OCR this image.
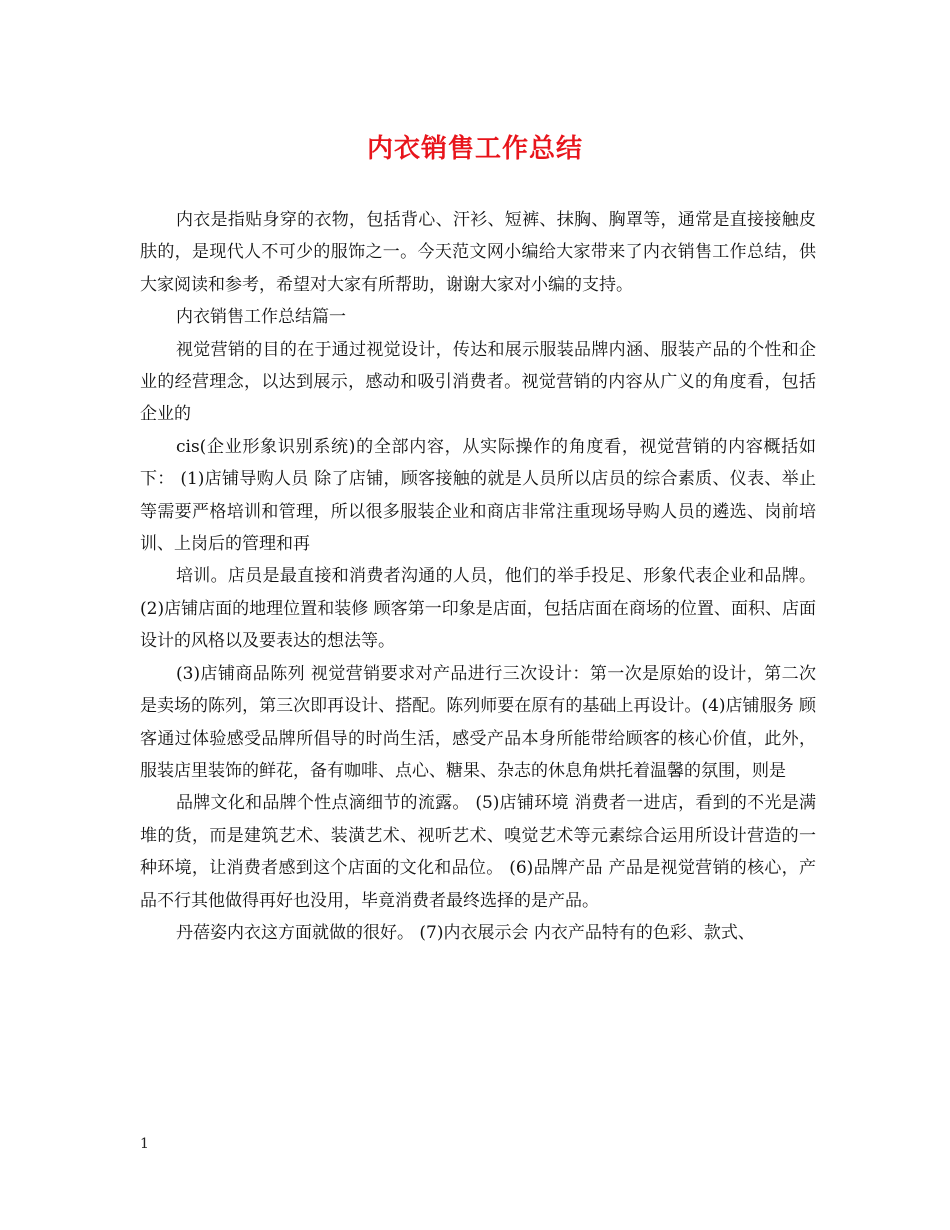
内衣销售工作总结

内衣是指贴身穿的衣物，包括背心、汗衫、短裤、抹胸、胸罩等，通常是直接接触皮肤的，是现代人不可少的服饰之一。今天范文网小编给大家带来了内衣销售工作总结，供大家阅读和参考，希望对大家有所帮助，谢谢大家对小编的支持。

内衣销售工作总结篇一

视觉营销的目的在于通过视觉设计，传达和展示服装品牌内涵、服装产品的个性和企业的经营理念，以达到展示，感动和吸引消费者。视觉营销的内容从广义的角度看，包括企业的

cis(企业形象识别系统)的全部内容，从实际操作的角度看，视觉营销的内容概括如下： (1)店铺导购人员 除了店铺，顾客接触的就是人员所以店员的综合素质、仪表、举止等需要严格培训和管理，所以很多服装企业和商店非常注重现场导购人员的遴选、岗前培训、上岗后的管理和再

培训。店员是最直接和消费者沟通的人员，他们的举手投足、形象代表企业和品牌。 (2)店铺店面的地理位置和装修 顾客第一印象是店面，包括店面在商场的位置、面积、店面设计的风格以及要表达的想法等。

(3)店铺商品陈列 视觉营销要求对产品进行三次设计：第一次是原始的设计，第二次是卖场的陈列，第三次即再设计、搭配。陈列师要在原有的基础上再设计。(4)店铺服务 顾客通过体验感受品牌所倡导的时尚生活，感受产品本身所能带给顾客的核心价值，此外，服装店里装饰的鲜花，备有咖啡、点心、糖果、杂志的休息角烘托着温馨的氛围，则是

品牌文化和品牌个性点滴细节的流露。 (5)店铺环境 消费者一进店，看到的不光是满堆的货，而是建筑艺术、装潢艺术、视听艺术、嗅觉艺术等元素综合运用所设计营造的一种环境，让消费者感到这个店面的文化和品位。 (6)品牌产品 产品是视觉营销的核心，产品不行其他做得再好也没用，毕竟消费者最终选择的是产品。

丹蓓姿内衣这方面就做的很好。 (7)内衣展示会 内衣产品特有的色彩、款式、

1
